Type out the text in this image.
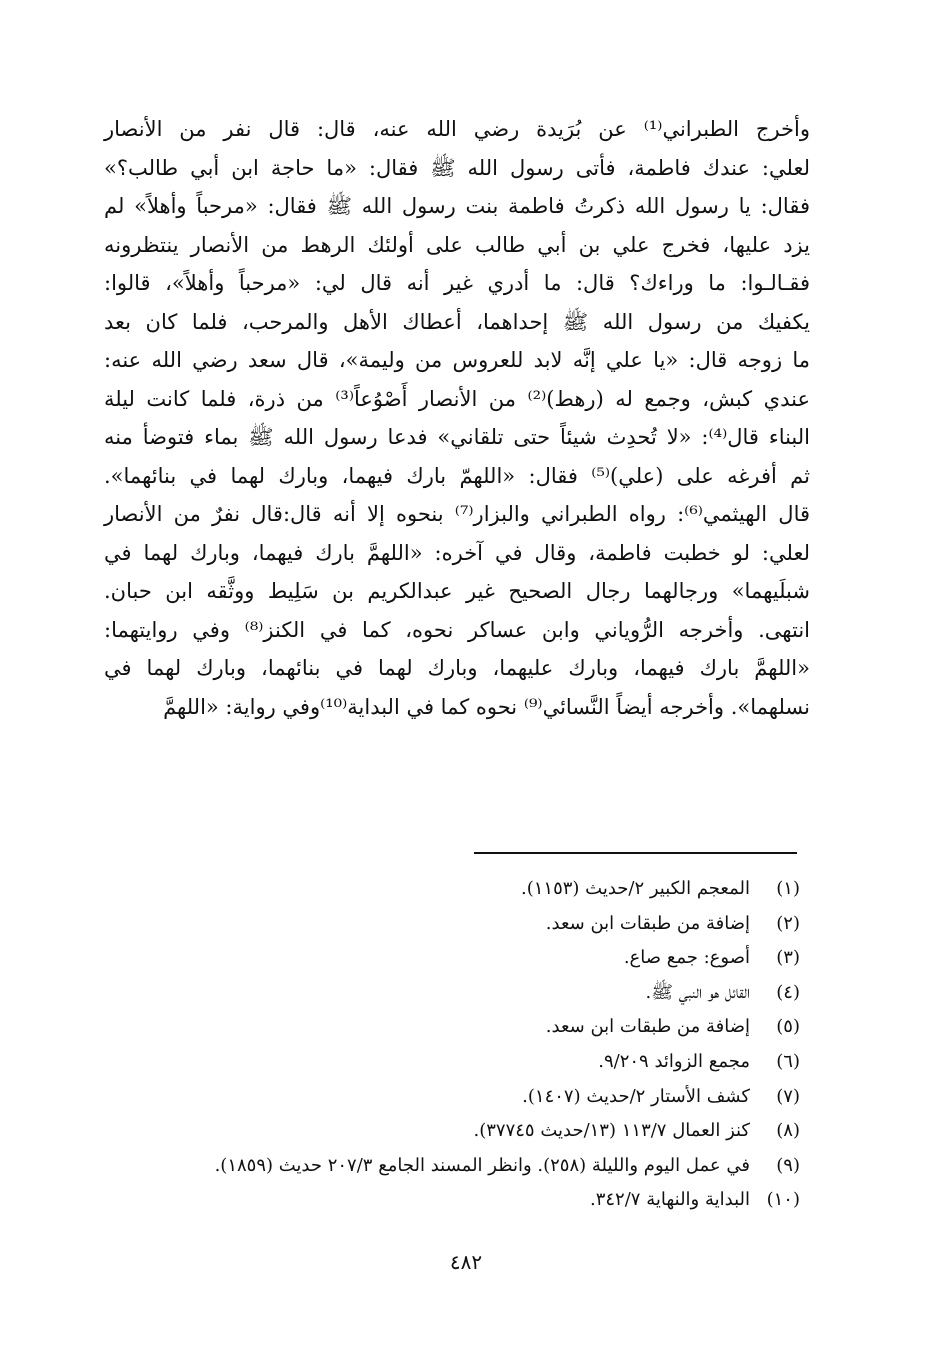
وأخرج الطبراني⁽¹⁾ عن بُرَيدة رضي الله عنه، قال: قال نفر من الأنصار
لعلي: عندك فاطمة، فأتى رسول الله ﷺ فقال: «ما حاجة ابن أبي طالب؟»
فقال: يا رسول الله ذكرتُ فاطمة بنت رسول الله ﷺ فقال: «مرحباً وأهلاً» لم
يزد عليها، فخرج علي بن أبي طالب على أولئك الرهط من الأنصار ينتظرونه
فقـالـوا: ما وراءك؟ قال: ما أدري غير أنه قال لي: «مرحباً وأهلاً»، قالوا:
يكفيك من رسول الله ﷺ إحداهما، أعطاك الأهل والمرحب، فلما كان بعد
ما زوجه قال: «يا علي إنَّه لابد للعروس من وليمة»، قال سعد رضي الله عنه:
عندي كبش، وجمع له (رهط)⁽²⁾ من الأنصار أَصْوُعاً⁽³⁾ من ذرة، فلما كانت ليلة
البناء قال⁽⁴⁾: «لا تُحدِث شيئاً حتى تلقاني» فدعا رسول الله ﷺ بماء فتوضأ منه
ثم أفرغه على (علي)⁽⁵⁾ فقال: «اللهمّ بارك فيهما، وبارك لهما في بنائهما».
قال الهيثمي⁽⁶⁾: رواه الطبراني والبزار⁽⁷⁾ بنحوه إلا أنه قال:قال نفرٌ من الأنصار
لعلي: لو خطبت فاطمة، وقال في آخره: «اللهمَّ بارك فيهما، وبارك لهما في
شبلَيهما» ورجالهما رجال الصحيح غير عبدالكريم بن سَلِيط ووثَّقه ابن حبان.
انتهى. وأخرجه الرُّوياني وابن عساكر نحوه، كما في الكنز⁽⁸⁾ وفي روايتهما:
«اللهمَّ بارك فيهما، وبارك عليهما، وبارك لهما في بنائهما، وبارك لهما في
نسلهما». وأخرجه أيضاً النَّسائي⁽⁹⁾ نحوه كما في البداية⁽¹⁰⁾وفي رواية: «اللهمَّ
(١)المعجم الكبير ٢/حديث (١١٥٣).
(٢)إضافة من طبقات ابن سعد.
(٣)أصوع: جمع صاع.
(٤)القائل هو النبي ﷺ.
(٥)إضافة من طبقات ابن سعد.
(٦)مجمع الزوائد ٩/٢٠٩.
(٧)كشف الأستار ٢/حديث (١٤٠٧).
(٨)كنز العمال ١١٣/٧ (١٣/حديث ٣٧٧٤٥).
(٩)في عمل اليوم والليلة (٢٥٨). وانظر المسند الجامع ٢٠٧/٣ حديث (١٨٥٩).
(١٠)البداية والنهاية ٣٤٢/٧.
٤٨٢
